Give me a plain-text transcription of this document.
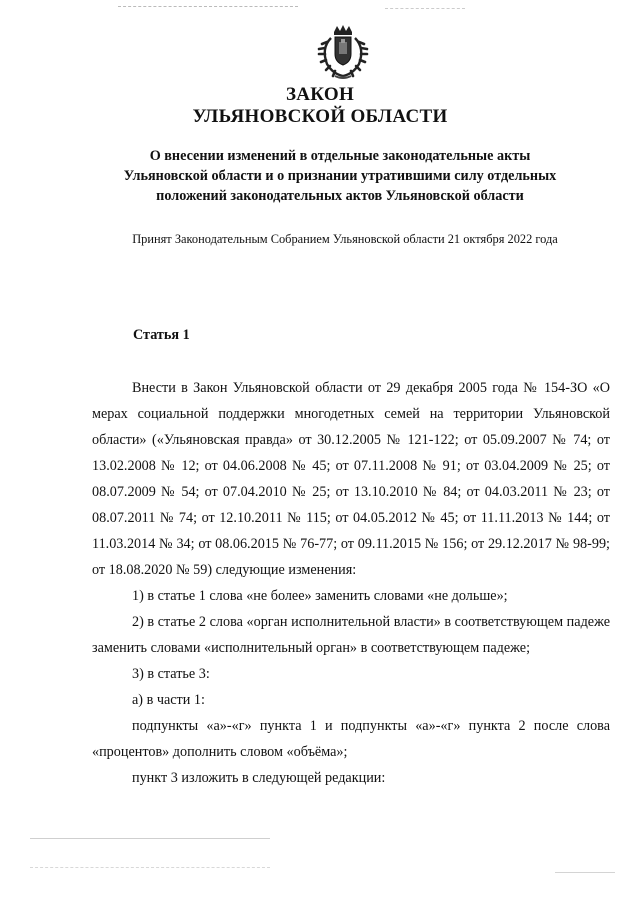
ЗАКОН
УЛЬЯНОВСКОЙ ОБЛАСТИ
О внесении изменений в отдельные законодательные акты Ульяновской области и о признании утратившими силу отдельных положений законодательных актов Ульяновской области
Принят Законодательным Собранием Ульяновской области 21 октября 2022 года
Статья 1

Внести в Закон Ульяновской области от 29 декабря 2005 года № 154-ЗО «О мерах социальной поддержки многодетных семей на территории Ульяновской области» («Ульяновская правда» от 30.12.2005 № 121-122; от 05.09.2007 № 74; от 13.02.2008 № 12; от 04.06.2008 № 45; от 07.11.2008 № 91; от 03.04.2009 № 25; от 08.07.2009 № 54; от 07.04.2010 № 25; от 13.10.2010 № 84; от 04.03.2011 № 23; от 08.07.2011 № 74; от 12.10.2011 № 115; от 04.05.2012 № 45; от 11.11.2013 № 144; от 11.03.2014 № 34; от 08.06.2015 № 76-77; от 09.11.2015 № 156; от 29.12.2017 № 98-99; от 18.08.2020 № 59) следующие изменения:

1) в статье 1 слова «не более» заменить словами «не дольше»;

2) в статье 2 слова «орган исполнительной власти» в соответствующем падеже заменить словами «исполнительный орган» в соответствующем падеже;

3) в статье 3:

а) в части 1:

подпункты «а»-«г» пункта 1 и подпункты «а»-«г» пункта 2 после слова «процентов» дополнить словом «объёма»;

пункт 3 изложить в следующей редакции:
